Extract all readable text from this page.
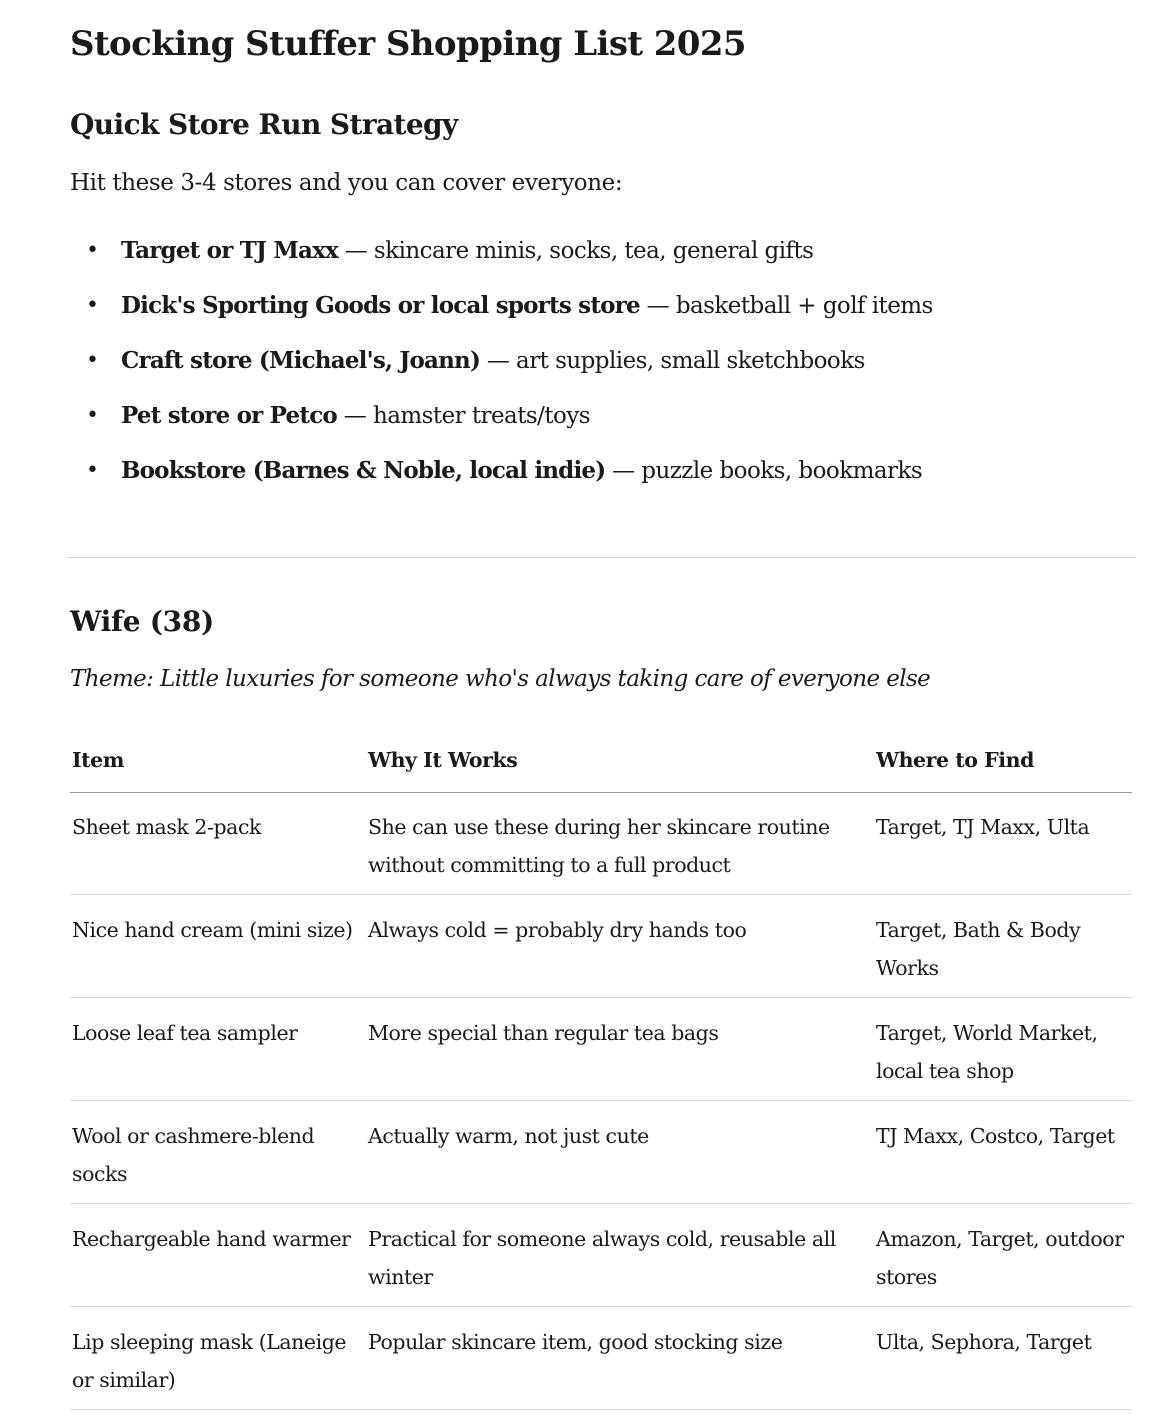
Stocking Stuffer Shopping List 2025
Quick Store Run Strategy

Hit these 3-4 stores and you can cover everyone:

• Target or TJ Maxx — skincare minis, socks, tea, general gifts
• Dick's Sporting Goods or local sports store — basketball + golf items
• Craft store (Michael's, Joann) — art supplies, small sketchbooks
• Pet store or Petco — hamster treats/toys
• Bookstore (Barnes & Noble, local indie) — puzzle books, bookmarks
Wife (38)

Theme: Little luxuries for someone who's always taking care of everyone else

Item	Why It Works	Where to Find
Sheet mask 2-pack	She can use these during her skincare routine without committing to a full product	Target, TJ Maxx, Ulta
Nice hand cream (mini size)	Always cold = probably dry hands too	Target, Bath & Body Works
Loose leaf tea sampler	More special than regular tea bags	Target, World Market, local tea shop
Wool or cashmere-blend socks	Actually warm, not just cute	TJ Maxx, Costco, Target
Rechargeable hand warmer	Practical for someone always cold, reusable all winter	Amazon, Target, outdoor stores
Lip sleeping mask (Laneige or similar)	Popular skincare item, good stocking size	Ulta, Sephora, Target
